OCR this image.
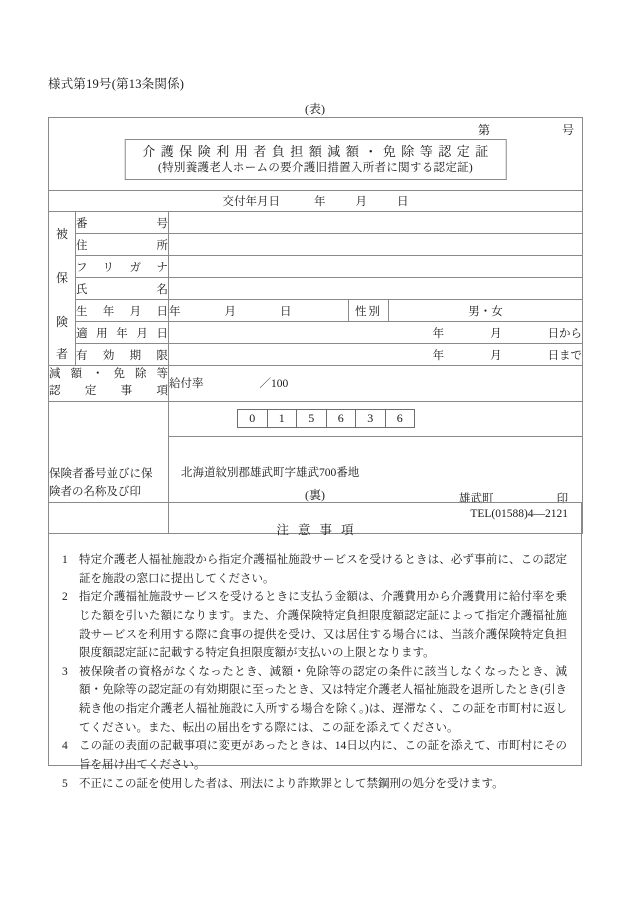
様式第19号(第13条関係)
(表)
第 号
介護保険利用者負担額減額・免除等認定証
(特別養護老人ホームの要介護旧措置入所者に関する認定証)				

交付年月日 年 月 日				

被	番号			
	住所			

保	フリガナ			
	氏名			

険	生年月日	年 月 日	性別	男・女
	適用年月日	年 月 日から		

者	有効期限	年 月 日まで		

減額・免除等
認定事項		給付率 ／100		

0	1	5	6	3	6

保険者番号並びに保
険者の名称及び印

北海道紋別郡雄武町字雄武700番地
雄武町	印
TEL(01588)4—2121
(裏)
注意事項
1 特定介護老人福祉施設から指定介護福祉施設サービスを受けるときは、必ず事前に、この認定証を施設の窓口に提出してください。
2 指定介護福祉施設サービスを受けるときに支払う金額は、介護費用から介護費用に給付率を乗じた額を引いた額になります。また、介護保険特定負担限度額認定証によって指定介護福祉施設サービスを利用する際に食事の提供を受け、又は居住する場合には、当該介護保険特定負担限度額認定証に記載する特定負担限度額が支払いの上限となります。
3 被保険者の資格がなくなったとき、減額・免除等の認定の条件に該当しなくなったとき、減額・免除等の認定証の有効期限に至ったとき、又は特定介護老人福祉施設を退所したとき(引き続き他の指定介護老人福祉施設に入所する場合を除く。)は、遅滞なく、この証を市町村に返してください。また、転出の届出をする際には、この証を添えてください。
4 この証の表面の記載事項に変更があったときは、14日以内に、この証を添えて、市町村にその旨を届け出てください。
5 不正にこの証を使用した者は、刑法により詐欺罪として禁鋼刑の処分を受けます。
